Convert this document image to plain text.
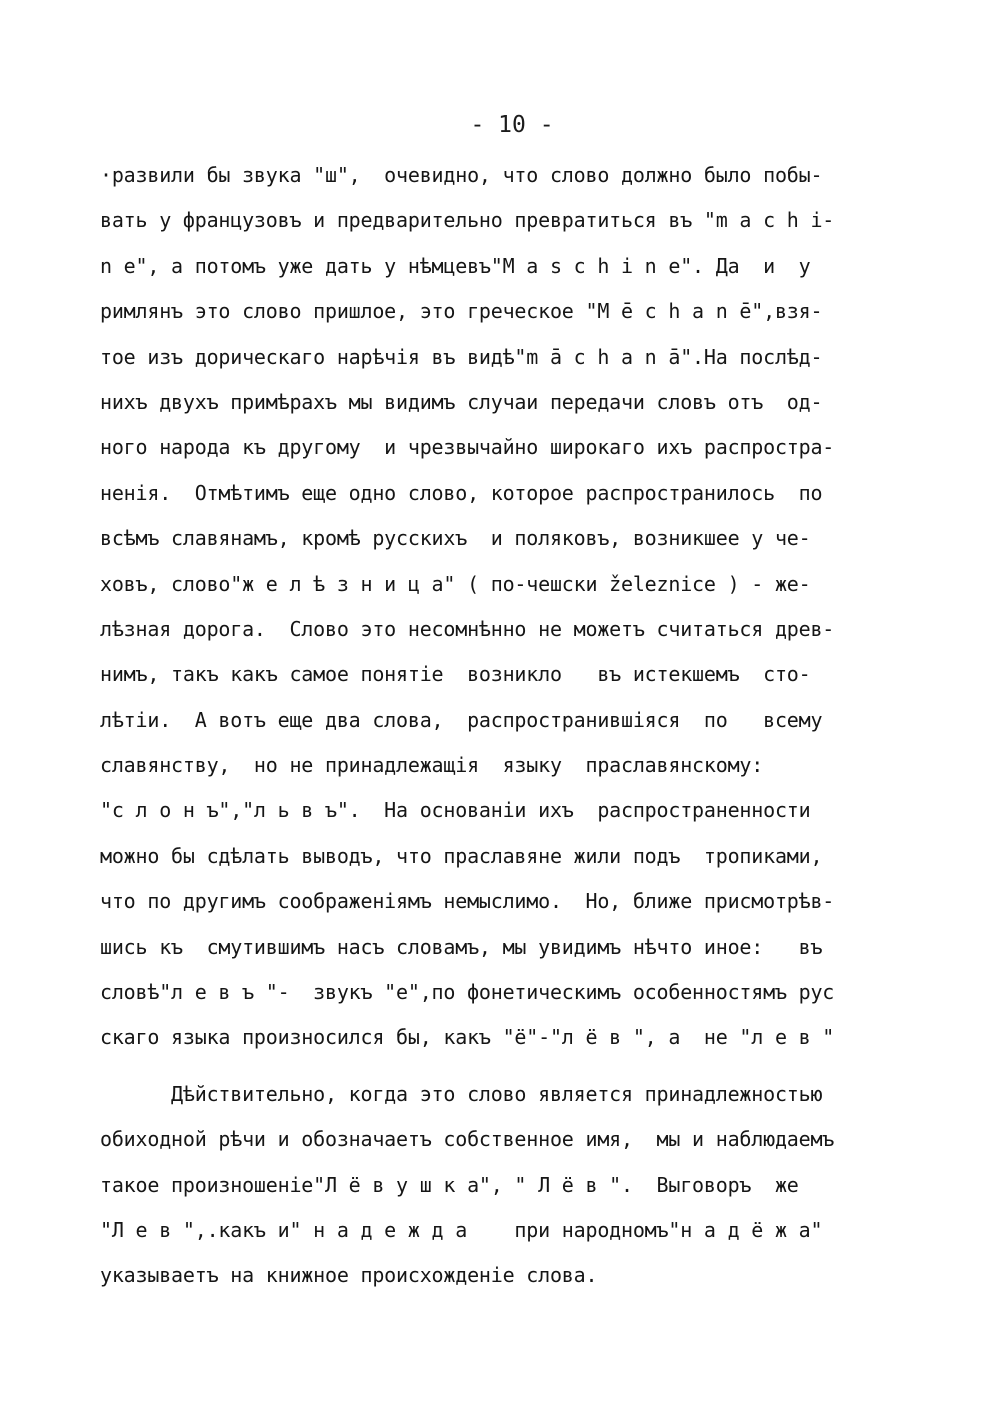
- 10 -
·развили бы звука "ш",  очевидно, что слово должно было побы-
вать у французовъ и предварительно превратиться въ "m a c h i-
n e", а потомъ уже дать у нѣмцевъ"M a s c h i n e". Да  и  у
римлянъ это слово пришлое, это греческое "M ē c h a n ē",взя-
тое изъ дорическаго нарѣчія въ видѣ"m ā c h a n ā".На послѣд-
нихъ двухъ примѣрахъ мы видимъ случаи передачи словъ отъ  од-
ного народа къ другому  и чрезвычайно широкаго ихъ распростра-
ненія.  Отмѣтимъ еще одно слово, которое распространилось  по
всѣмъ славянамъ, кромѣ русскихъ  и поляковъ, возникшее у че-
ховъ, слово"ж е л ѣ з н и ц а" ( по-чешски železnice ) - же-
лѣзная дорога.  Слово это несомнѣнно не можетъ считаться древ-
нимъ, такъ какъ самое понятіе  возникло   въ истекшемъ  сто-
лѣтіи.  А вотъ еще два слова,  распространившіяся  по   всему
славянству,  но не принадлежащія  языку  праславянскому:
"с л о н ъ","л ь в ъ".  На основаніи ихъ  распространенности
можно бы сдѣлать выводъ, что праславяне жили подъ  тропиками,
что по другимъ соображеніямъ немыслимо.  Но, ближе присмотрѣв-
шись къ  смутившимъ насъ словамъ, мы увидимъ нѣчто иное:   въ
словѣ"л е в ъ "-  звукъ "е",по фонетическимъ особенностямъ рус
скаго языка произносился бы, какъ "ё"-"л ё в ", а  не "л е в "
Дѣйствительно, когда это слово является принадлежностью
обиходной рѣчи и обозначаетъ собственное имя,  мы и наблюдаемъ
такое произношеніе"Л ё в у ш к а", " Л ё в ".  Выговоръ  же
"Л е в ",.какъ и" н а д е ж д а    при народномъ"н а д ё ж а"
указываетъ на книжное происхожденіе слова.
